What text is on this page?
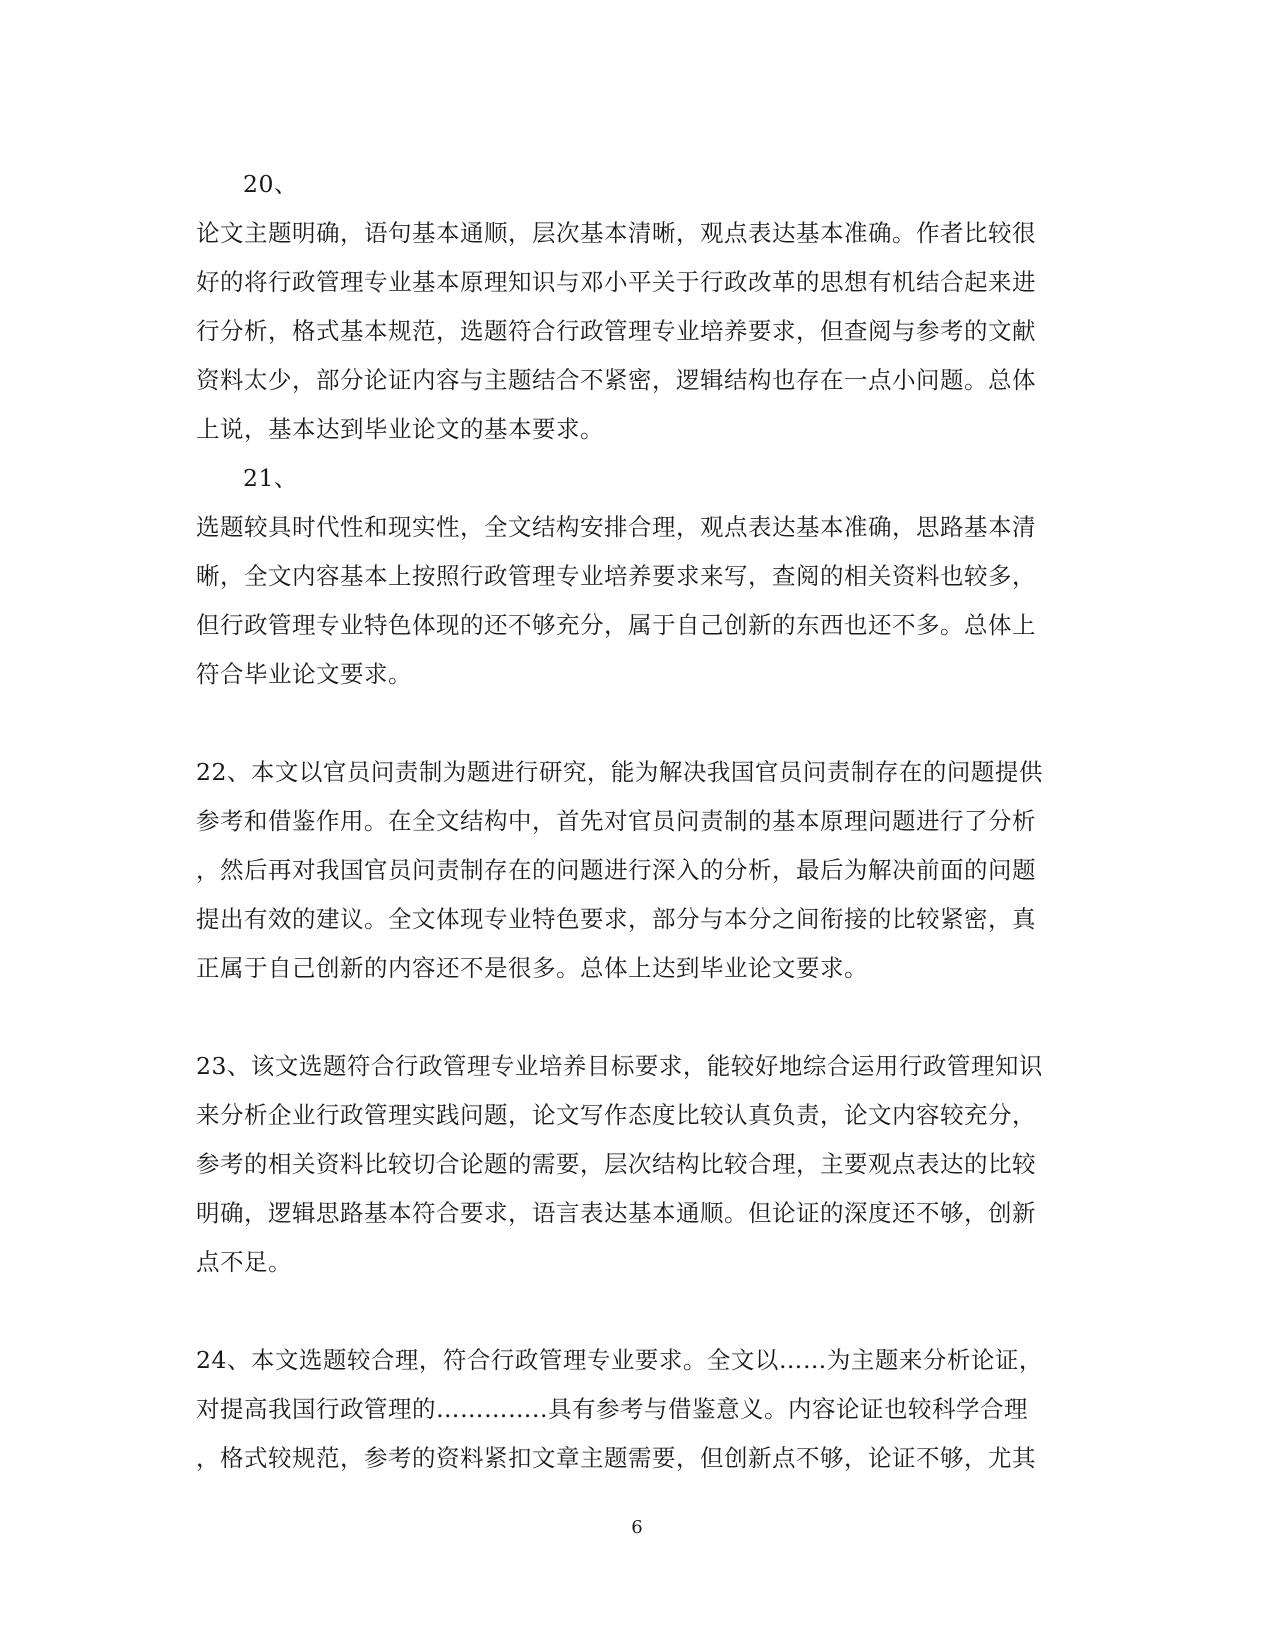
20、
论文主题明确，语句基本通顺，层次基本清晰，观点表达基本准确。作者比较很
好的将行政管理专业基本原理知识与邓小平关于行政改革的思想有机结合起来进
行分析，格式基本规范，选题符合行政管理专业培养要求，但查阅与参考的文献
资料太少，部分论证内容与主题结合不紧密，逻辑结构也存在一点小问题。总体
上说，基本达到毕业论文的基本要求。
21、
选题较具时代性和现实性，全文结构安排合理，观点表达基本准确，思路基本清
晰，全文内容基本上按照行政管理专业培养要求来写，查阅的相关资料也较多，
但行政管理专业特色体现的还不够充分，属于自己创新的东西也还不多。总体上
符合毕业论文要求。
22、本文以官员问责制为题进行研究，能为解决我国官员问责制存在的问题提供
参考和借鉴作用。在全文结构中，首先对官员问责制的基本原理问题进行了分析
，然后再对我国官员问责制存在的问题进行深入的分析，最后为解决前面的问题
提出有效的建议。全文体现专业特色要求，部分与本分之间衔接的比较紧密，真
正属于自己创新的内容还不是很多。总体上达到毕业论文要求。
23、该文选题符合行政管理专业培养目标要求，能较好地综合运用行政管理知识
来分析企业行政管理实践问题，论文写作态度比较认真负责，论文内容较充分，
参考的相关资料比较切合论题的需要，层次结构比较合理，主要观点表达的比较
明确，逻辑思路基本符合要求，语言表达基本通顺。但论证的深度还不够，创新
点不足。
24、本文选题较合理，符合行政管理专业要求。全文以……为主题来分析论证，
对提高我国行政管理的…………..具有参考与借鉴意义。内容论证也较科学合理
，格式较规范，参考的资料紧扣文章主题需要，但创新点不够，论证不够，尤其
6
